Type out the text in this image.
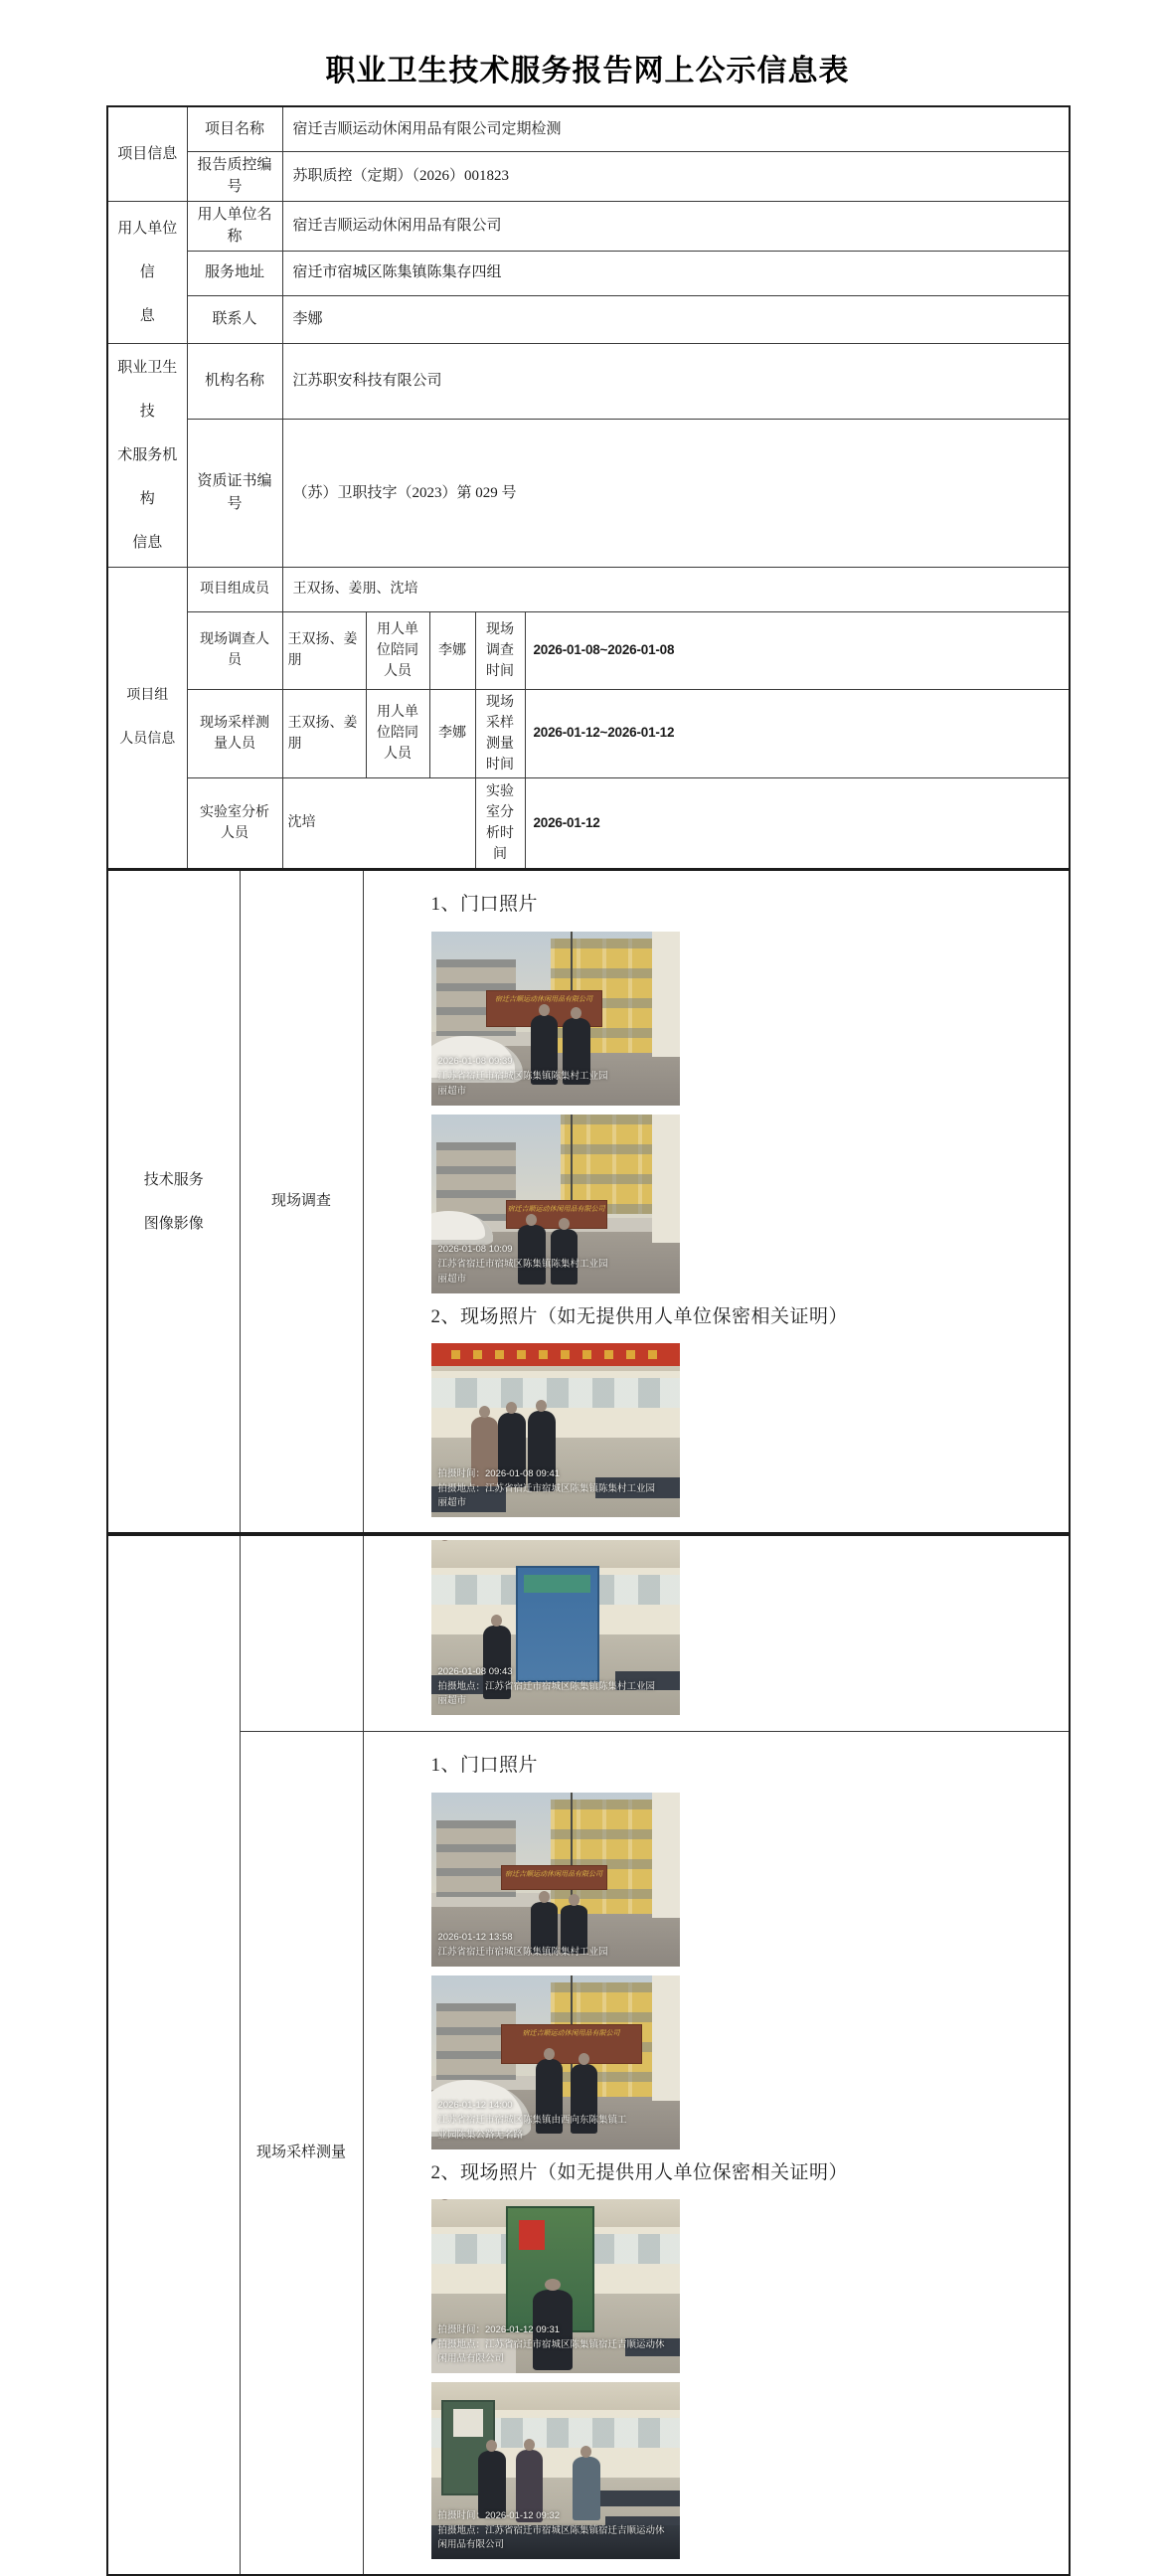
职业卫生技术服务报告网上公示信息表
项目信息	项目名称	宿迁吉顺运动休闲用品有限公司定期检测				
	报告质控编号	苏职质控（定期）（2026）001823				

用人单位信
息	用人单位名称	宿迁吉顺运动休闲用品有限公司				
	服务地址	宿迁市宿城区陈集镇陈集存四组				
	联系人	李娜				

职业卫生技
术服务机构
信息	机构名称	江苏职安科技有限公司				
	资质证书编号	（苏）卫职技字（2023）第 029 号				

项目组
人员信息	项目组成员	王双扬、姜朋、沈培				
	现场调查人员	王双扬、姜朋	用人单位陪同人员	李娜	现场调查时间	2026-01-08~2026-01-08
	现场采样测量人员	王双扬、姜朋	用人单位陪同人员	李娜	现场采样测量时间	2026-01-12~2026-01-12
	实验室分析人员	沈培			实验室分析时间	2026-01-12
技术服务
图像影像
	现场调查	
1、门口照片
宿迁吉顺运动休闲用品有限公司
2026-01-08 09:39
江苏省宿迁市宿城区陈集镇陈集村工业园
丽超市
宿迁吉顺运动休闲用品有限公司
2026-01-08 10:09
江苏省宿迁市宿城区陈集镇陈集村工业园
丽超市
2、现场照片（如无提供用人单位保密相关证明）
拍摄时间：2026-01-08 09:41
拍摄地点：江苏省宿迁市宿城区陈集镇陈集村工业园
丽超市

		2026-01-08 09:43
拍摄地点：江苏省宿迁市宿城区陈集镇陈集村工业园
丽超市

现场采样测量	
1、门口照片
宿迁吉顺运动休闲用品有限公司
2026-01-12 13:58
江苏省宿迁市宿城区陈集镇陈集村工业园
宿迁吉顺运动休闲用品有限公司
2026-01-12 14:00
江苏省宿迁市宿城区陈集镇由西向东陈集镇工
业园陈集公路无名路
2、现场照片（如无提供用人单位保密相关证明）
拍摄时间：2026-01-12 09:31
拍摄地点：江苏省宿迁市宿城区陈集镇宿迁吉顺运动休
闲用品有限公司
拍摄时间：2026-01-12 09:32
拍摄地点：江苏省宿迁市宿城区陈集镇宿迁吉顺运动休
闲用品有限公司
